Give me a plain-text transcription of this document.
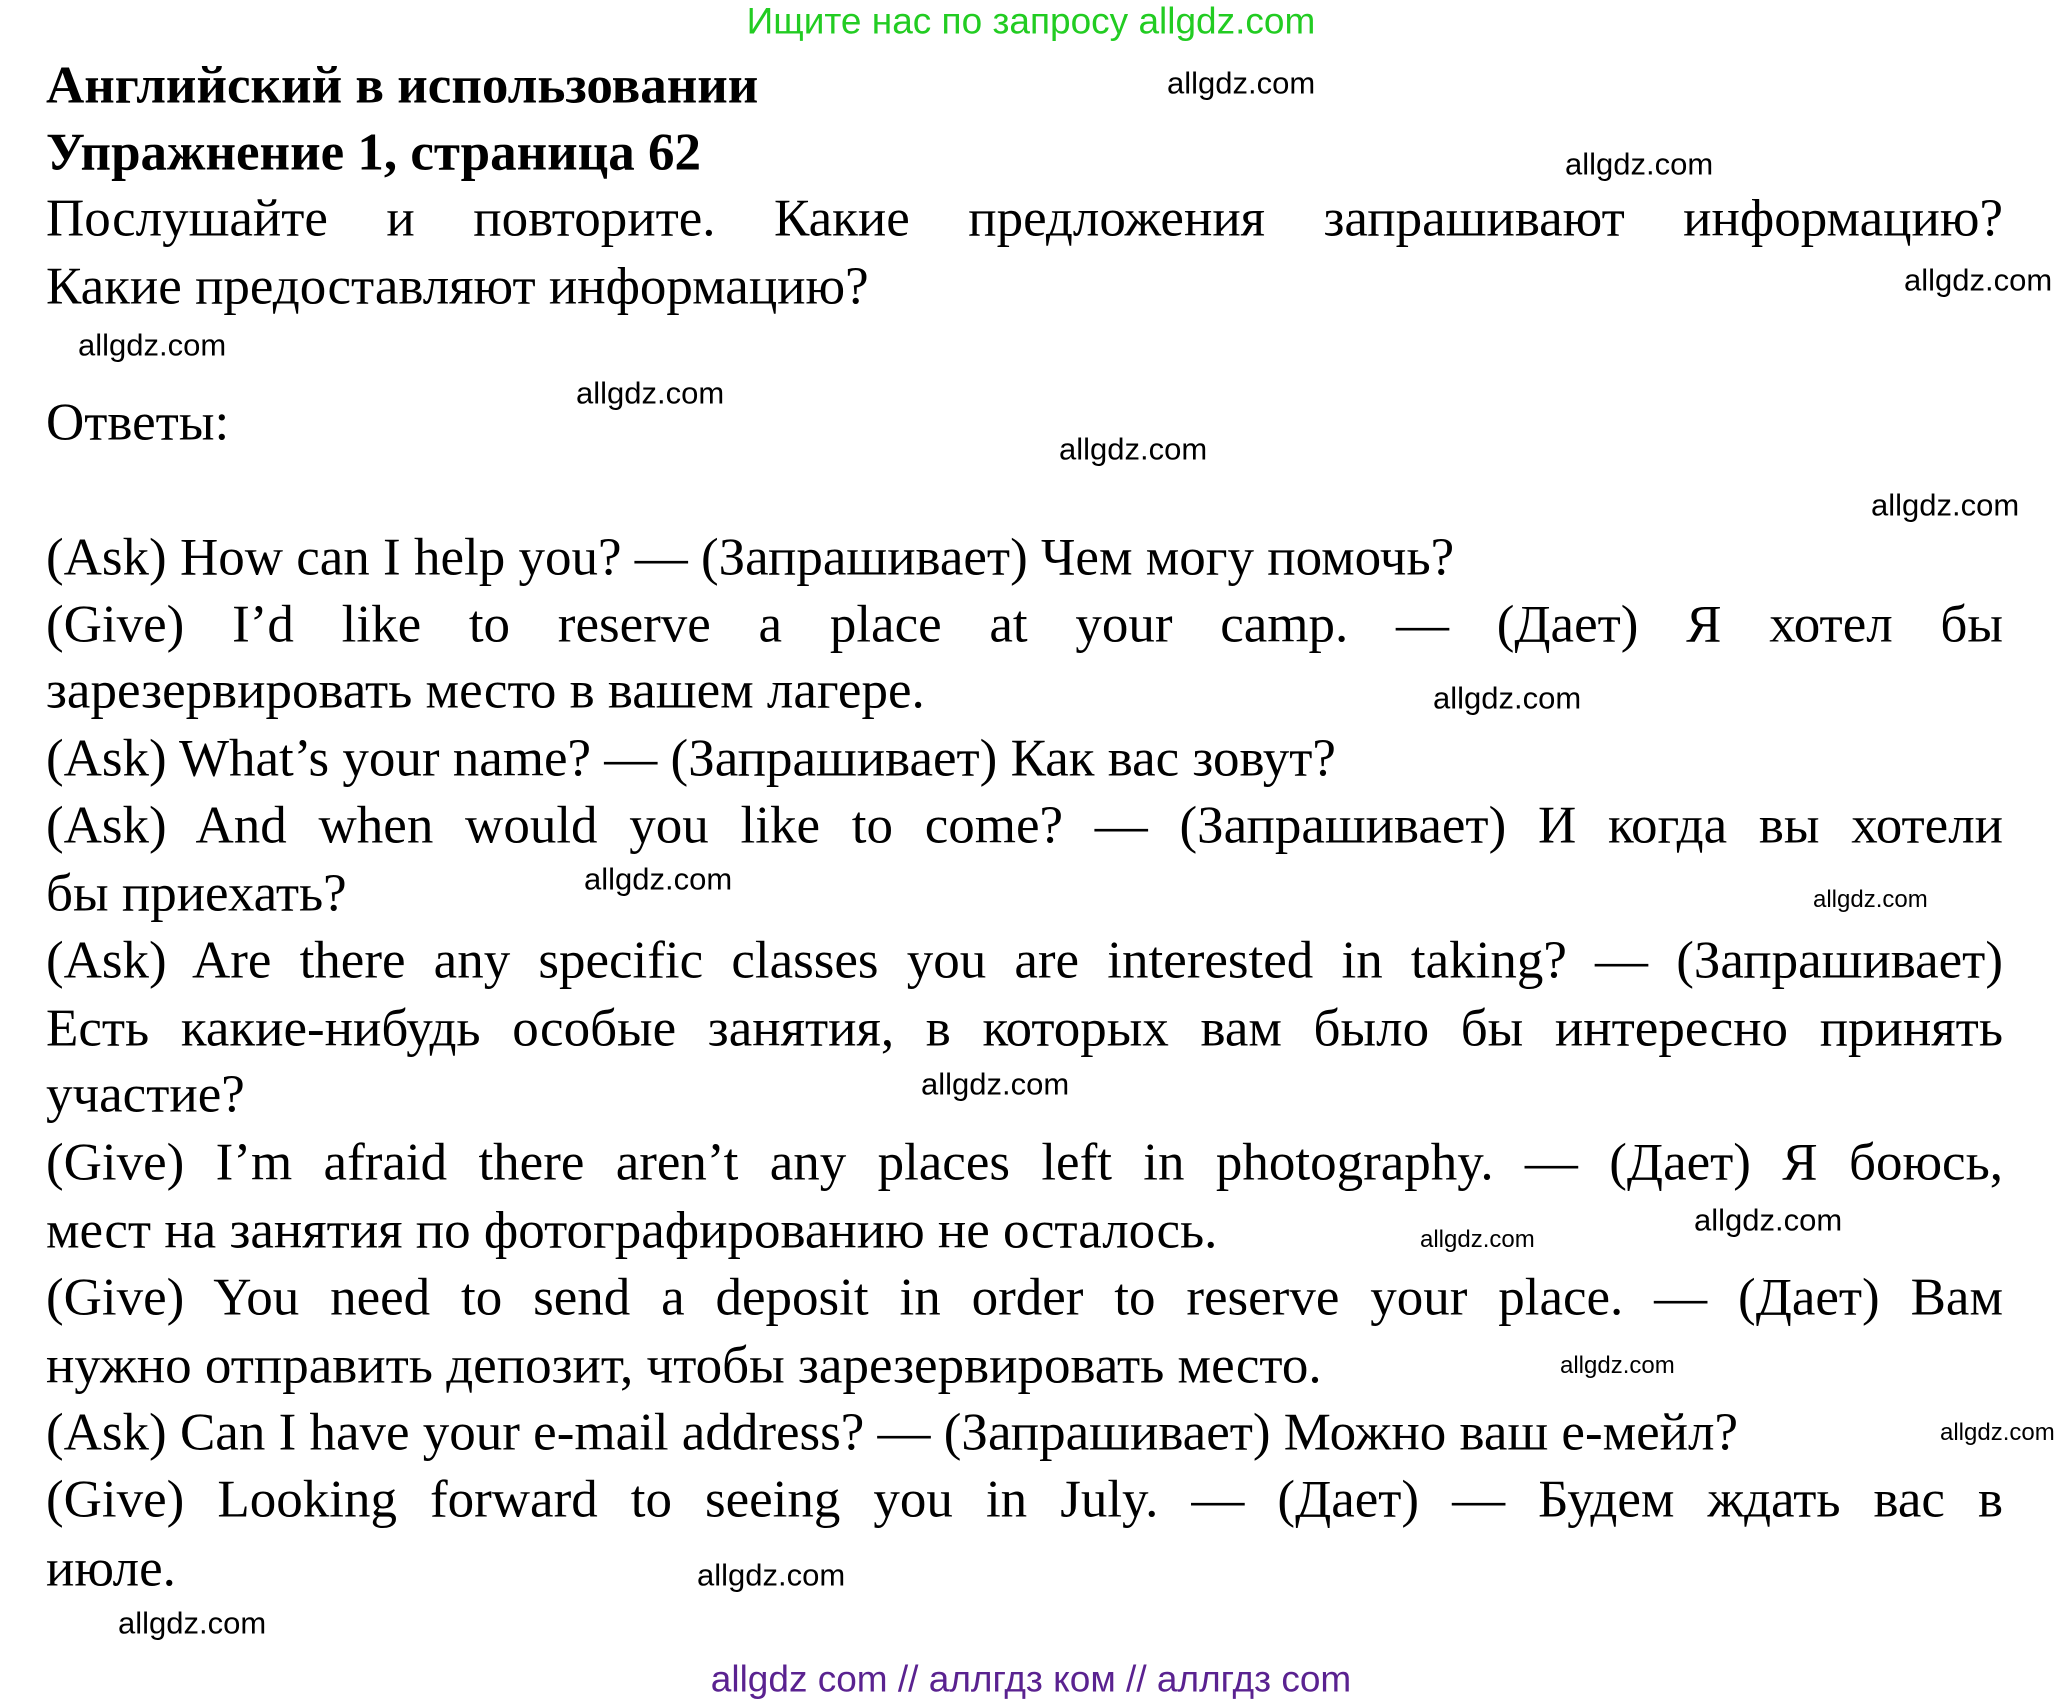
Ищите нас по запросу allgdz.com
Английский в использовании
Упражнение 1, страница 62
Послушайте и повторите. Какие предложения запрашивают информацию?
Какие предоставляют информацию?
Ответы:
(Ask) How can I help you? — (Запрашивает) Чем могу помочь?
(Give) I’d like to reserve a place at your camp. — (Дает) Я хотел бы
зарезервировать место в вашем лагере.
(Ask) What’s your name? — (Запрашивает) Как вас зовут?
(Ask) And when would you like to come? — (Запрашивает) И когда вы хотели
бы приехать?
(Ask) Are there any specific classes you are interested in taking? — (Запрашивает)
Есть какие-нибудь особые занятия, в которых вам было бы интересно принять
участие?
(Give) I’m afraid there aren’t any places left in photography. — (Дает) Я боюсь,
мест на занятия по фотографированию не осталось.
(Give) You need to send a deposit in order to reserve your place. — (Дает) Вам
нужно отправить депозит, чтобы зарезервировать место.
(Ask) Can I have your e-mail address? — (Запрашивает) Можно ваш е-мейл?
(Give) Looking forward to seeing you in July. — (Дает) — Будем ждать вас в
июле.
allgdz.com
allgdz.com
allgdz.com
allgdz.com
allgdz.com
allgdz.com
allgdz.com
allgdz.com
allgdz.com
allgdz.com
allgdz.com
allgdz.com
allgdz.com
allgdz.com
allgdz.com
allgdz.com
allgdz.com
allgdz com // аллгдз ком // аллгдз com
